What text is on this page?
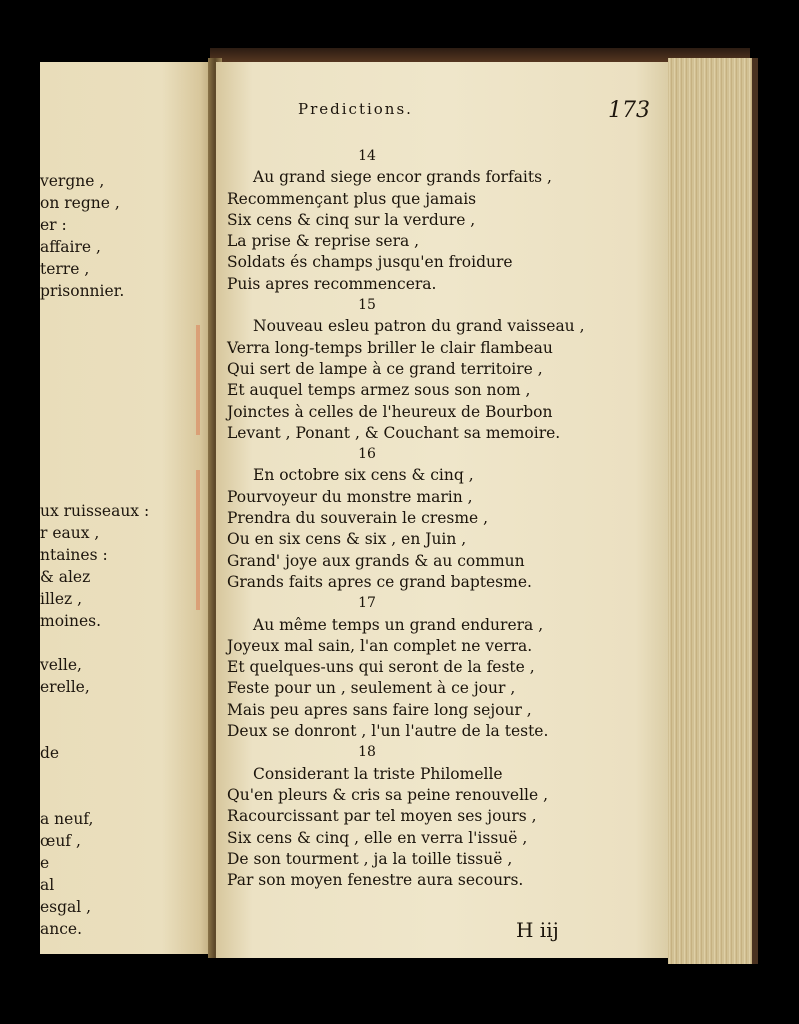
vergne ,
on regne ,
er :
affaire ,
terre ,
prisonnier.
ux ruisseaux :
r eaux ,
ntaines :
& alez
illez ,
moines.
velle,
erelle,
de
a neuf,
œuf ,
e
al
esgal ,
ance.
Predictions.	173
14
Au grand siege encor grands forfaits ,
Recommençant plus que jamais
Six cens & cinq sur la verdure ,
La prise & reprise sera ,
Soldats és champs jusqu'en froidure
Puis apres recommencera.
15
Nouveau esleu patron du grand vaisseau ,
Verra long-temps briller le clair flambeau
Qui sert de lampe à ce grand territoire ,
Et auquel temps armez sous son nom ,
Joinctes à celles de l'heureux de Bourbon
Levant , Ponant , & Couchant sa memoire.
16
En octobre six cens & cinq ,
Pourvoyeur du monstre marin ,
Prendra du souverain le cresme ,
Ou en six cens & six , en Juin ,
Grand' joye aux grands & au commun
Grands faits apres ce grand baptesme.
17
Au même temps un grand endurera ,
Joyeux mal sain, l'an complet ne verra.
Et quelques-uns qui seront de la feste ,
Feste pour un , seulement à ce jour ,
Mais peu apres sans faire long sejour ,
Deux se donront , l'un l'autre de la teste.
18
Considerant la triste Philomelle
Qu'en pleurs & cris sa peine renouvelle ,
Racourcissant par tel moyen ses jours ,
Six cens & cinq , elle en verra l'issuë ,
De son tourment , ja la toille tissuë ,
Par son moyen fenestre aura secours.
H iij
